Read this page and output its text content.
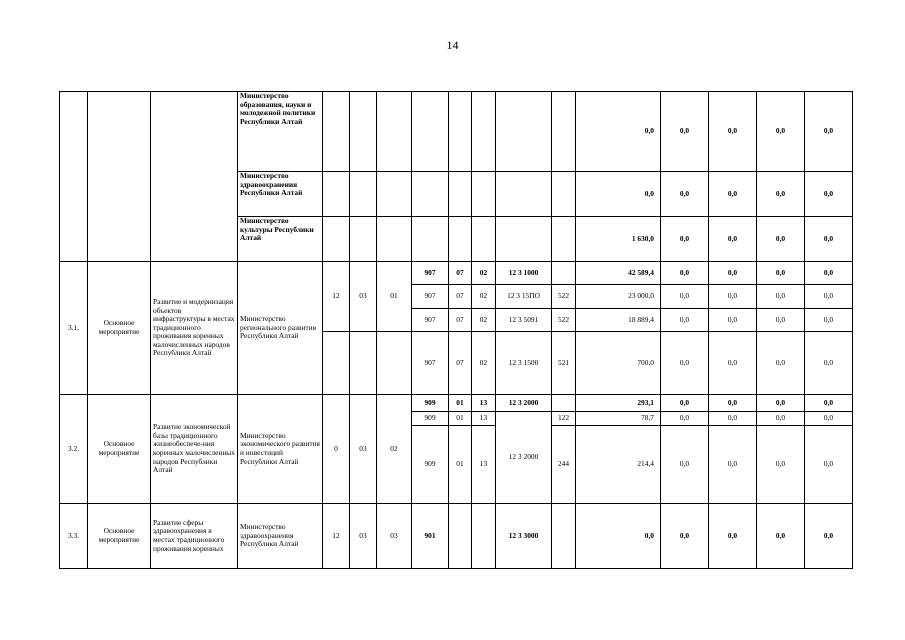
14
			Министерство образования, науки и молодежной политики Республики Алтай									0,0	0,0	0,0	0,0	0,0
			Министерство здравоохранения Республики Алтай									0,0	0,0	0,0	0,0	0,0
			Министерство культуры Республики Алтай									1 630,0	0,0	0,0	0,0	0,0
3.1.	Основное мероприятие	Развитие и модернизация объектов инфраструктуры в местах традиционного проживания коренных малочисленных народов Республики Алтай	Министерство регионального развития Республики Алтай	12	03	01	907	07	02	12 3 1000		42 589,4	0,0	0,0	0,0	0,0
							907	07	02	12 3 15ПО	522	23 000,0	0,0	0,0	0,0	0,0
							907	07	02	12 3 5091	522	18 889,4	0,0	0,0	0,0	0,0
							907	07	02	12 3 1500	521	700,0	0,0	0,0	0,0	0,0
3.2.	Основное мероприятие	Развитие экономической базы традиционного жизнеобеспече-ния коренных малочисленных народов Республики Алтай	Министерство экономического развития и инвестиций Республики Алтай	0	03	02	909	01	13	12 3 2000		293,1	0,0	0,0	0,0	0,0
							909	01	13	12 3 2000	122	78,7	0,0	0,0	0,0	0,0
							909	01	13		244	214,4	0,0	0,0	0,0	0,0
3.3.	Основное мероприятие	Развитие сферы здравоохранения в местах традиционного проживания коренных	Министерство здравоохранения Республики Алтай	12	03	03	901			12 3 3000		0,0	0,0	0,0	0,0	0,0
